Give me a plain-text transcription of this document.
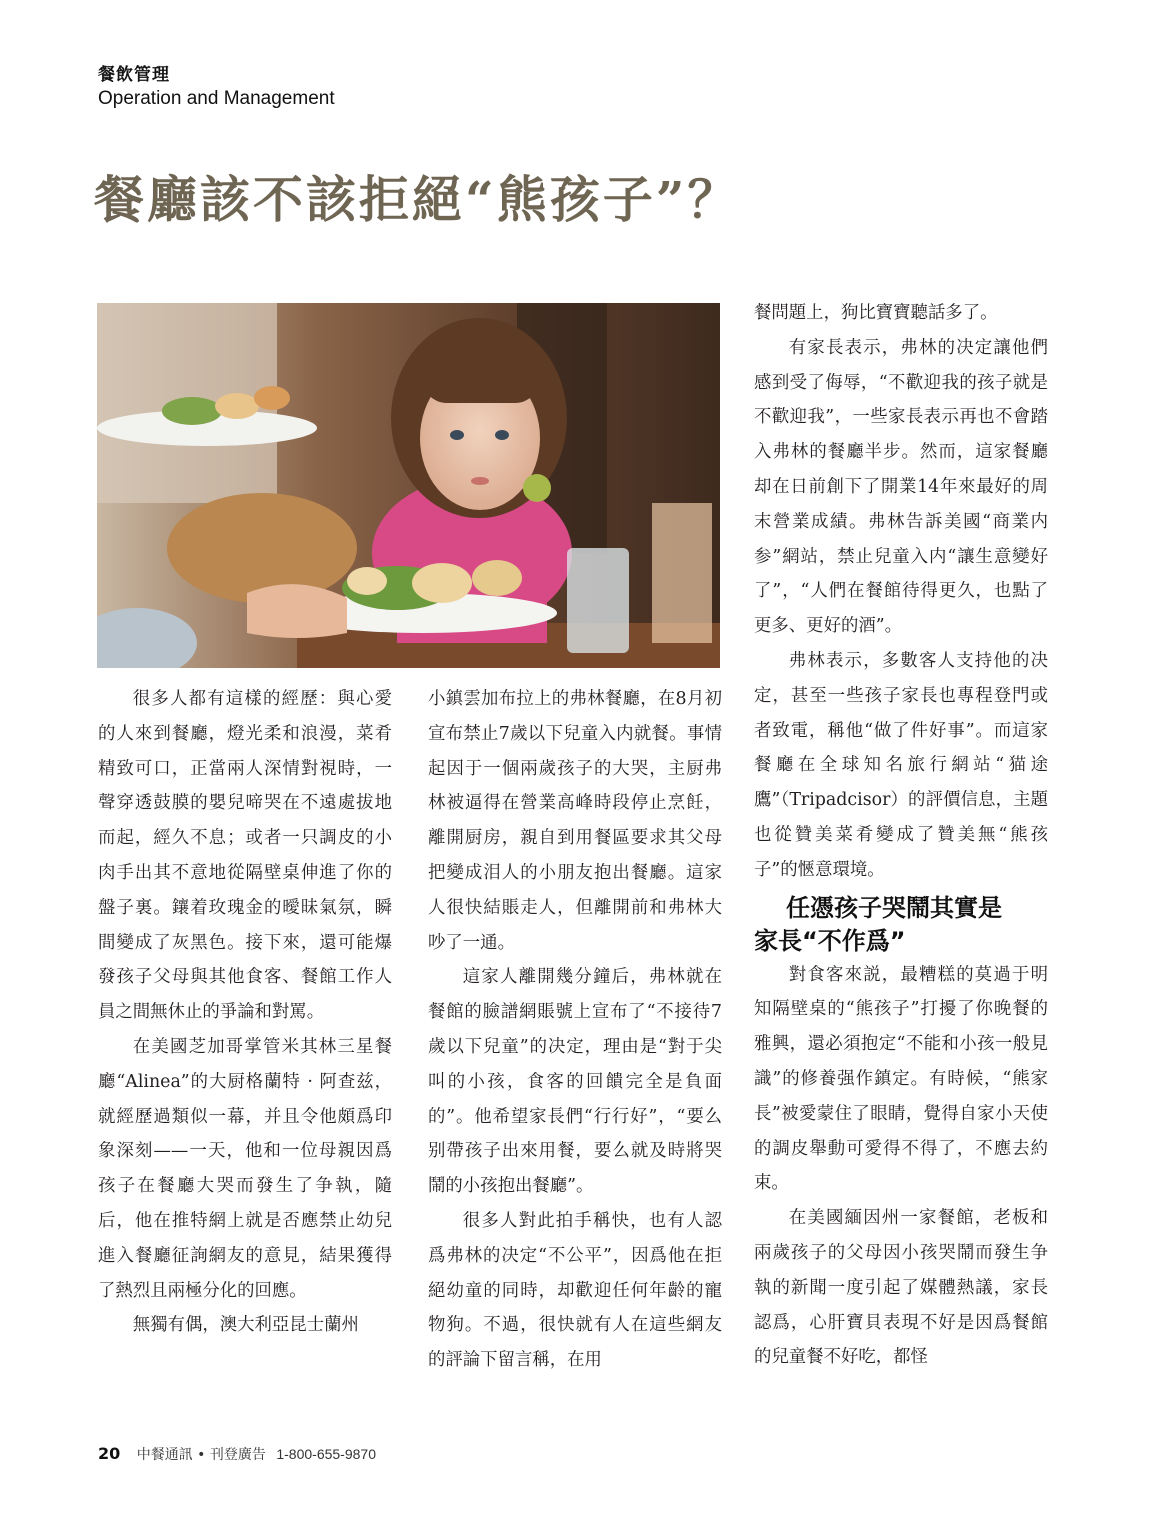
餐飲管理
Operation and Management
餐廳該不該拒絕“熊孩子”？

很多人都有這樣的經歷：與心愛的人來到餐廳，燈光柔和浪漫，菜肴精致可口，正當兩人深情對視時，一聲穿透鼓膜的嬰兒啼哭在不遠處拔地而起，經久不息；或者一只調皮的小肉手出其不意地從隔壁桌伸進了你的盤子裏。鑲着玫瑰金的曖昧氣氛，瞬間變成了灰黑色。接下來，還可能爆發孩子父母與其他食客、餐館工作人員之間無休止的爭論和對罵。

在美國芝加哥掌管米其林三星餐廳“Alinea”的大厨格蘭特 · 阿查兹，就經歷過類似一幕，并且令他頗爲印象深刻——一天，他和一位母親因爲孩子在餐廳大哭而發生了争執，隨后，他在推特網上就是否應禁止幼兒進入餐廳征詢網友的意見，結果獲得了熱烈且兩極分化的回應。

無獨有偶，澳大利亞昆士蘭州

小鎮雲加布拉上的弗林餐廳，在8月初宣布禁止7歲以下兒童入内就餐。事情起因于一個兩歲孩子的大哭，主厨弗林被逼得在營業高峰時段停止烹飪，離開厨房，親自到用餐區要求其父母把變成泪人的小朋友抱出餐廳。這家人很快結賬走人，但離開前和弗林大吵了一通。

這家人離開幾分鐘后，弗林就在餐館的臉譜網賬號上宣布了“不接待7歲以下兒童”的决定，理由是“對于尖叫的小孩，食客的回饋完全是負面的”。他希望家長們“行行好”，“要么别帶孩子出來用餐，要么就及時將哭鬧的小孩抱出餐廳”。

很多人對此拍手稱快，也有人認爲弗林的决定“不公平”，因爲他在拒絕幼童的同時，却歡迎任何年齡的寵物狗。不過，很快就有人在這些網友的評論下留言稱，在用

餐問題上，狗比寶寶聽話多了。

有家長表示，弗林的决定讓他們感到受了侮辱，“不歡迎我的孩子就是不歡迎我”，一些家長表示再也不會踏入弗林的餐廳半步。然而，這家餐廳却在日前創下了開業14年來最好的周末營業成績。弗林告訴美國“商業内参”網站，禁止兒童入内“讓生意變好了”，“人們在餐館待得更久，也點了更多、更好的酒”。

弗林表示，多數客人支持他的决定，甚至一些孩子家長也專程登門或者致電，稱他“做了件好事”。而這家餐廳在全球知名旅行網站“猫途鷹”（Tripadcisor）的評價信息，主題也從贊美菜肴變成了贊美無“熊孩子”的愜意環境。

任憑孩子哭鬧其實是
家長“不作爲”

對食客來説，最糟糕的莫過于明知隔壁桌的“熊孩子”打擾了你晚餐的雅興，還必須抱定“不能和小孩一般見識”的修養强作鎮定。有時候，“熊家長”被愛蒙住了眼睛，覺得自家小天使的調皮舉動可愛得不得了，不應去約束。

在美國緬因州一家餐館，老板和兩歲孩子的父母因小孩哭鬧而發生争執的新聞一度引起了媒體熱議，家長認爲，心肝寶貝表現不好是因爲餐館的兒童餐不好吃，都怪

20 中餐通訊 • 刊登廣告 1-800-655-9870
